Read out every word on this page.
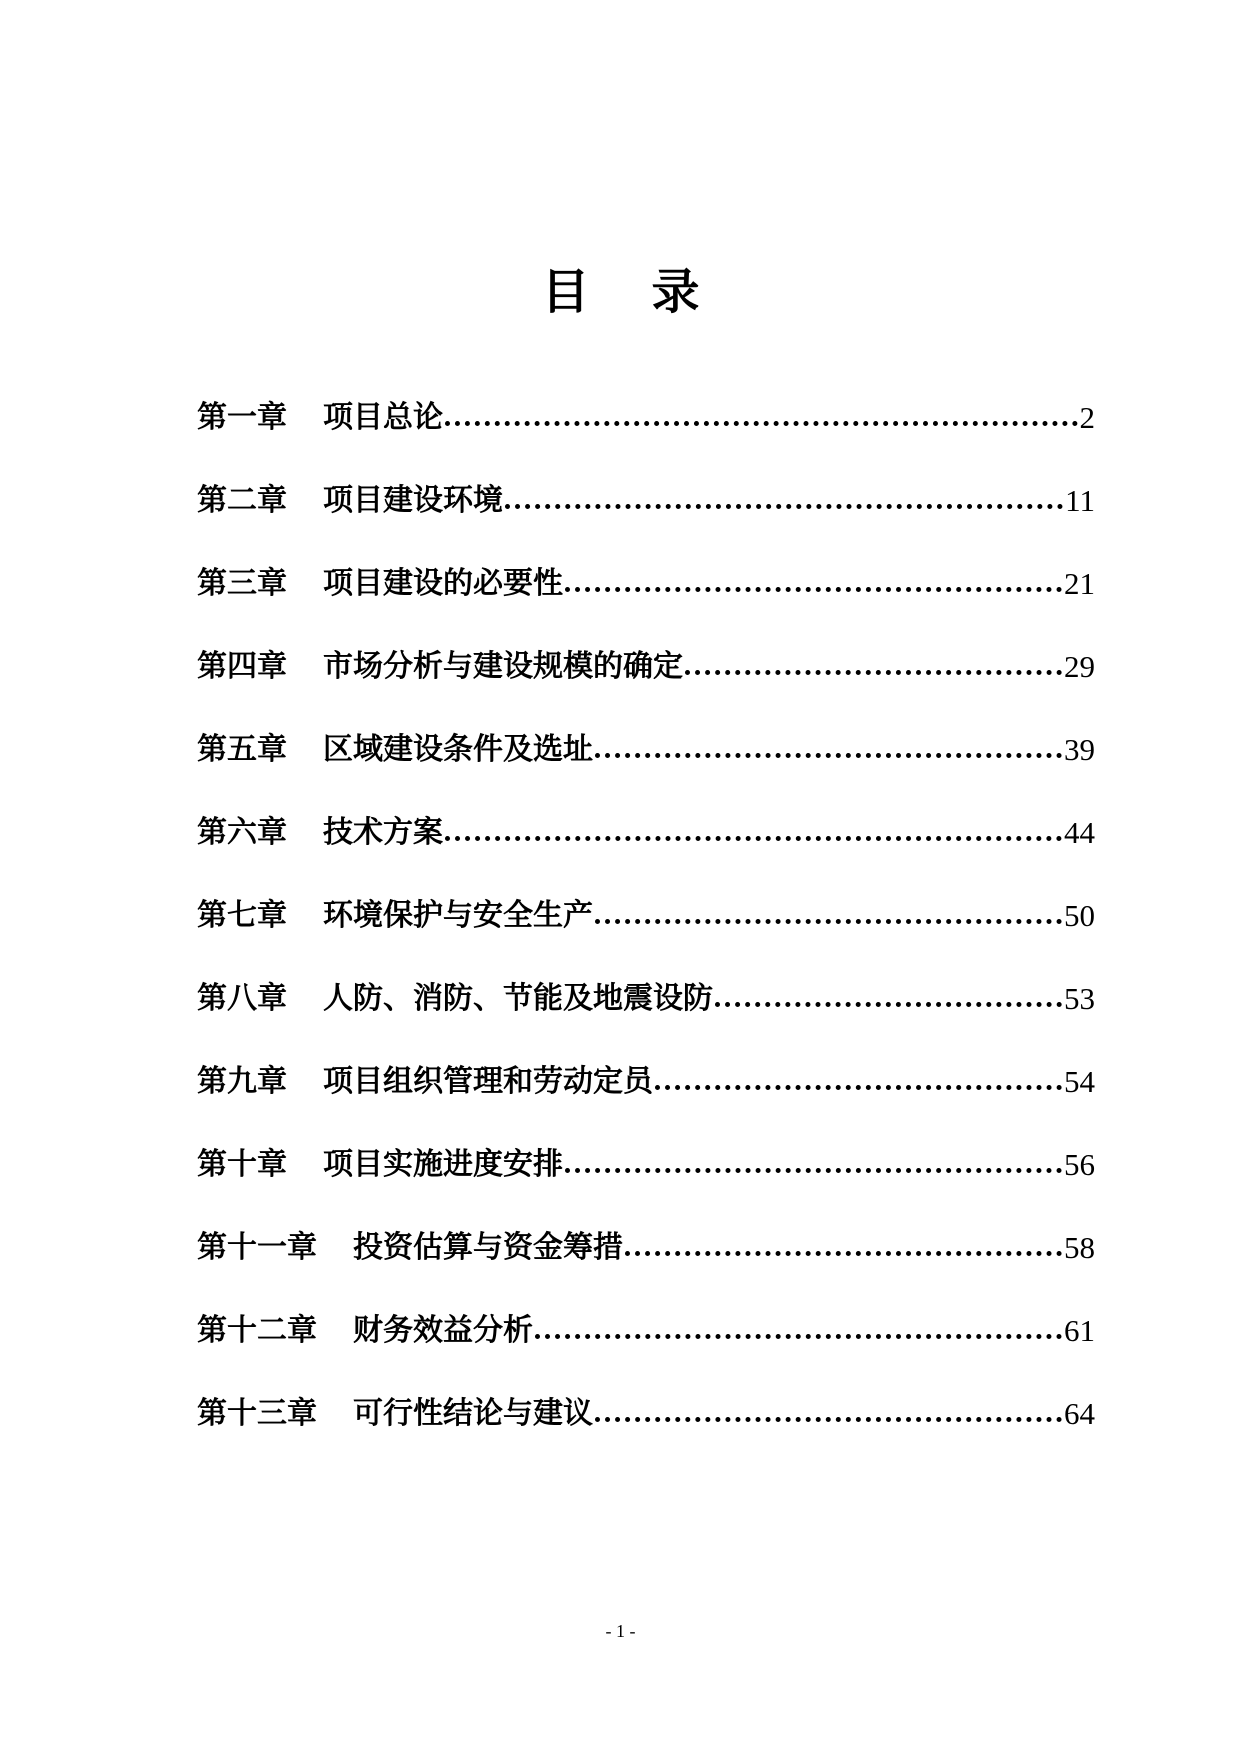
目 录
第一章 项目总论	2
第二章 项目建设环境	11
第三章 项目建设的必要性	21
第四章 市场分析与建设规模的确定	29
第五章 区域建设条件及选址	39
第六章 技术方案	44
第七章 环境保护与安全生产	50
第八章 人防、消防、节能及地震设防	53
第九章 项目组织管理和劳动定员	54
第十章 项目实施进度安排	56
第十一章 投资估算与资金筹措	58
第十二章 财务效益分析	61
第十三章 可行性结论与建议	64
- 1 -
